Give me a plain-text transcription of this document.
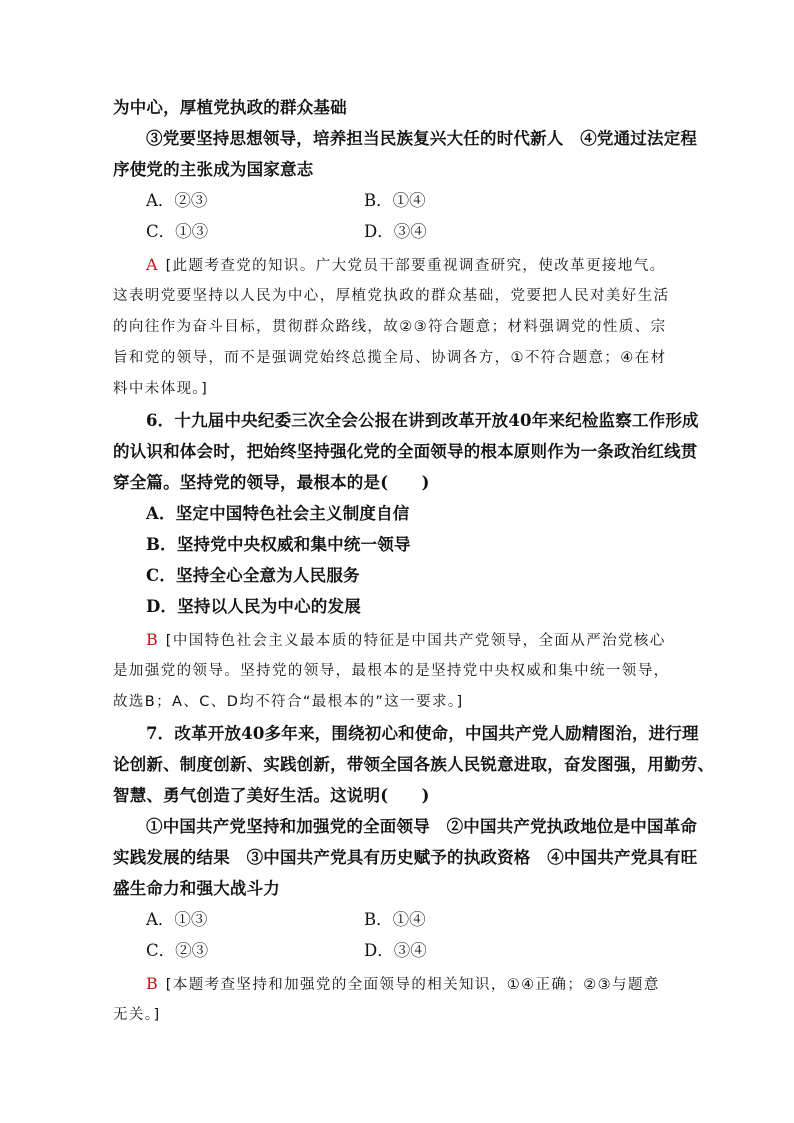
为中心，厚植党执政的群众基础
③党要坚持思想领导，培养担当民族复兴大任的时代新人　④党通过法定程
序使党的主张成为国家意志
A．②③	B．①④
C．①③	D．③④
A [此题考查党的知识。广大党员干部要重视调查研究，使改革更接地气。
这表明党要坚持以人民为中心，厚植党执政的群众基础，党要把人民对美好生活
的向往作为奋斗目标，贯彻群众路线，故②③符合题意；材料强调党的性质、宗
旨和党的领导，而不是强调党始终总揽全局、协调各方，①不符合题意；④在材
料中未体现。]
6．十九届中央纪委三次全会公报在讲到改革开放40年来纪检监察工作形成
的认识和体会时，把始终坚持强化党的全面领导的根本原则作为一条政治红线贯
穿全篇。坚持党的领导，最根本的是(　　)
A．坚定中国特色社会主义制度自信
B．坚持党中央权威和集中统一领导
C．坚持全心全意为人民服务
D．坚持以人民为中心的发展
B [中国特色社会主义最本质的特征是中国共产党领导，全面从严治党核心
是加强党的领导。坚持党的领导，最根本的是坚持党中央权威和集中统一领导，
故选B；A、C、D均不符合“最根本的”这一要求。]
7．改革开放40多年来，围绕初心和使命，中国共产党人励精图治，进行理
论创新、制度创新、实践创新，带领全国各族人民锐意进取，奋发图强，用勤劳、
智慧、勇气创造了美好生活。这说明(　　)
①中国共产党坚持和加强党的全面领导　②中国共产党执政地位是中国革命
实践发展的结果　③中国共产党具有历史赋予的执政资格　④中国共产党具有旺
盛生命力和强大战斗力
A．①③	B．①④
C．②③	D．③④
B [本题考查坚持和加强党的全面领导的相关知识，①④正确；②③与题意
无关。]
